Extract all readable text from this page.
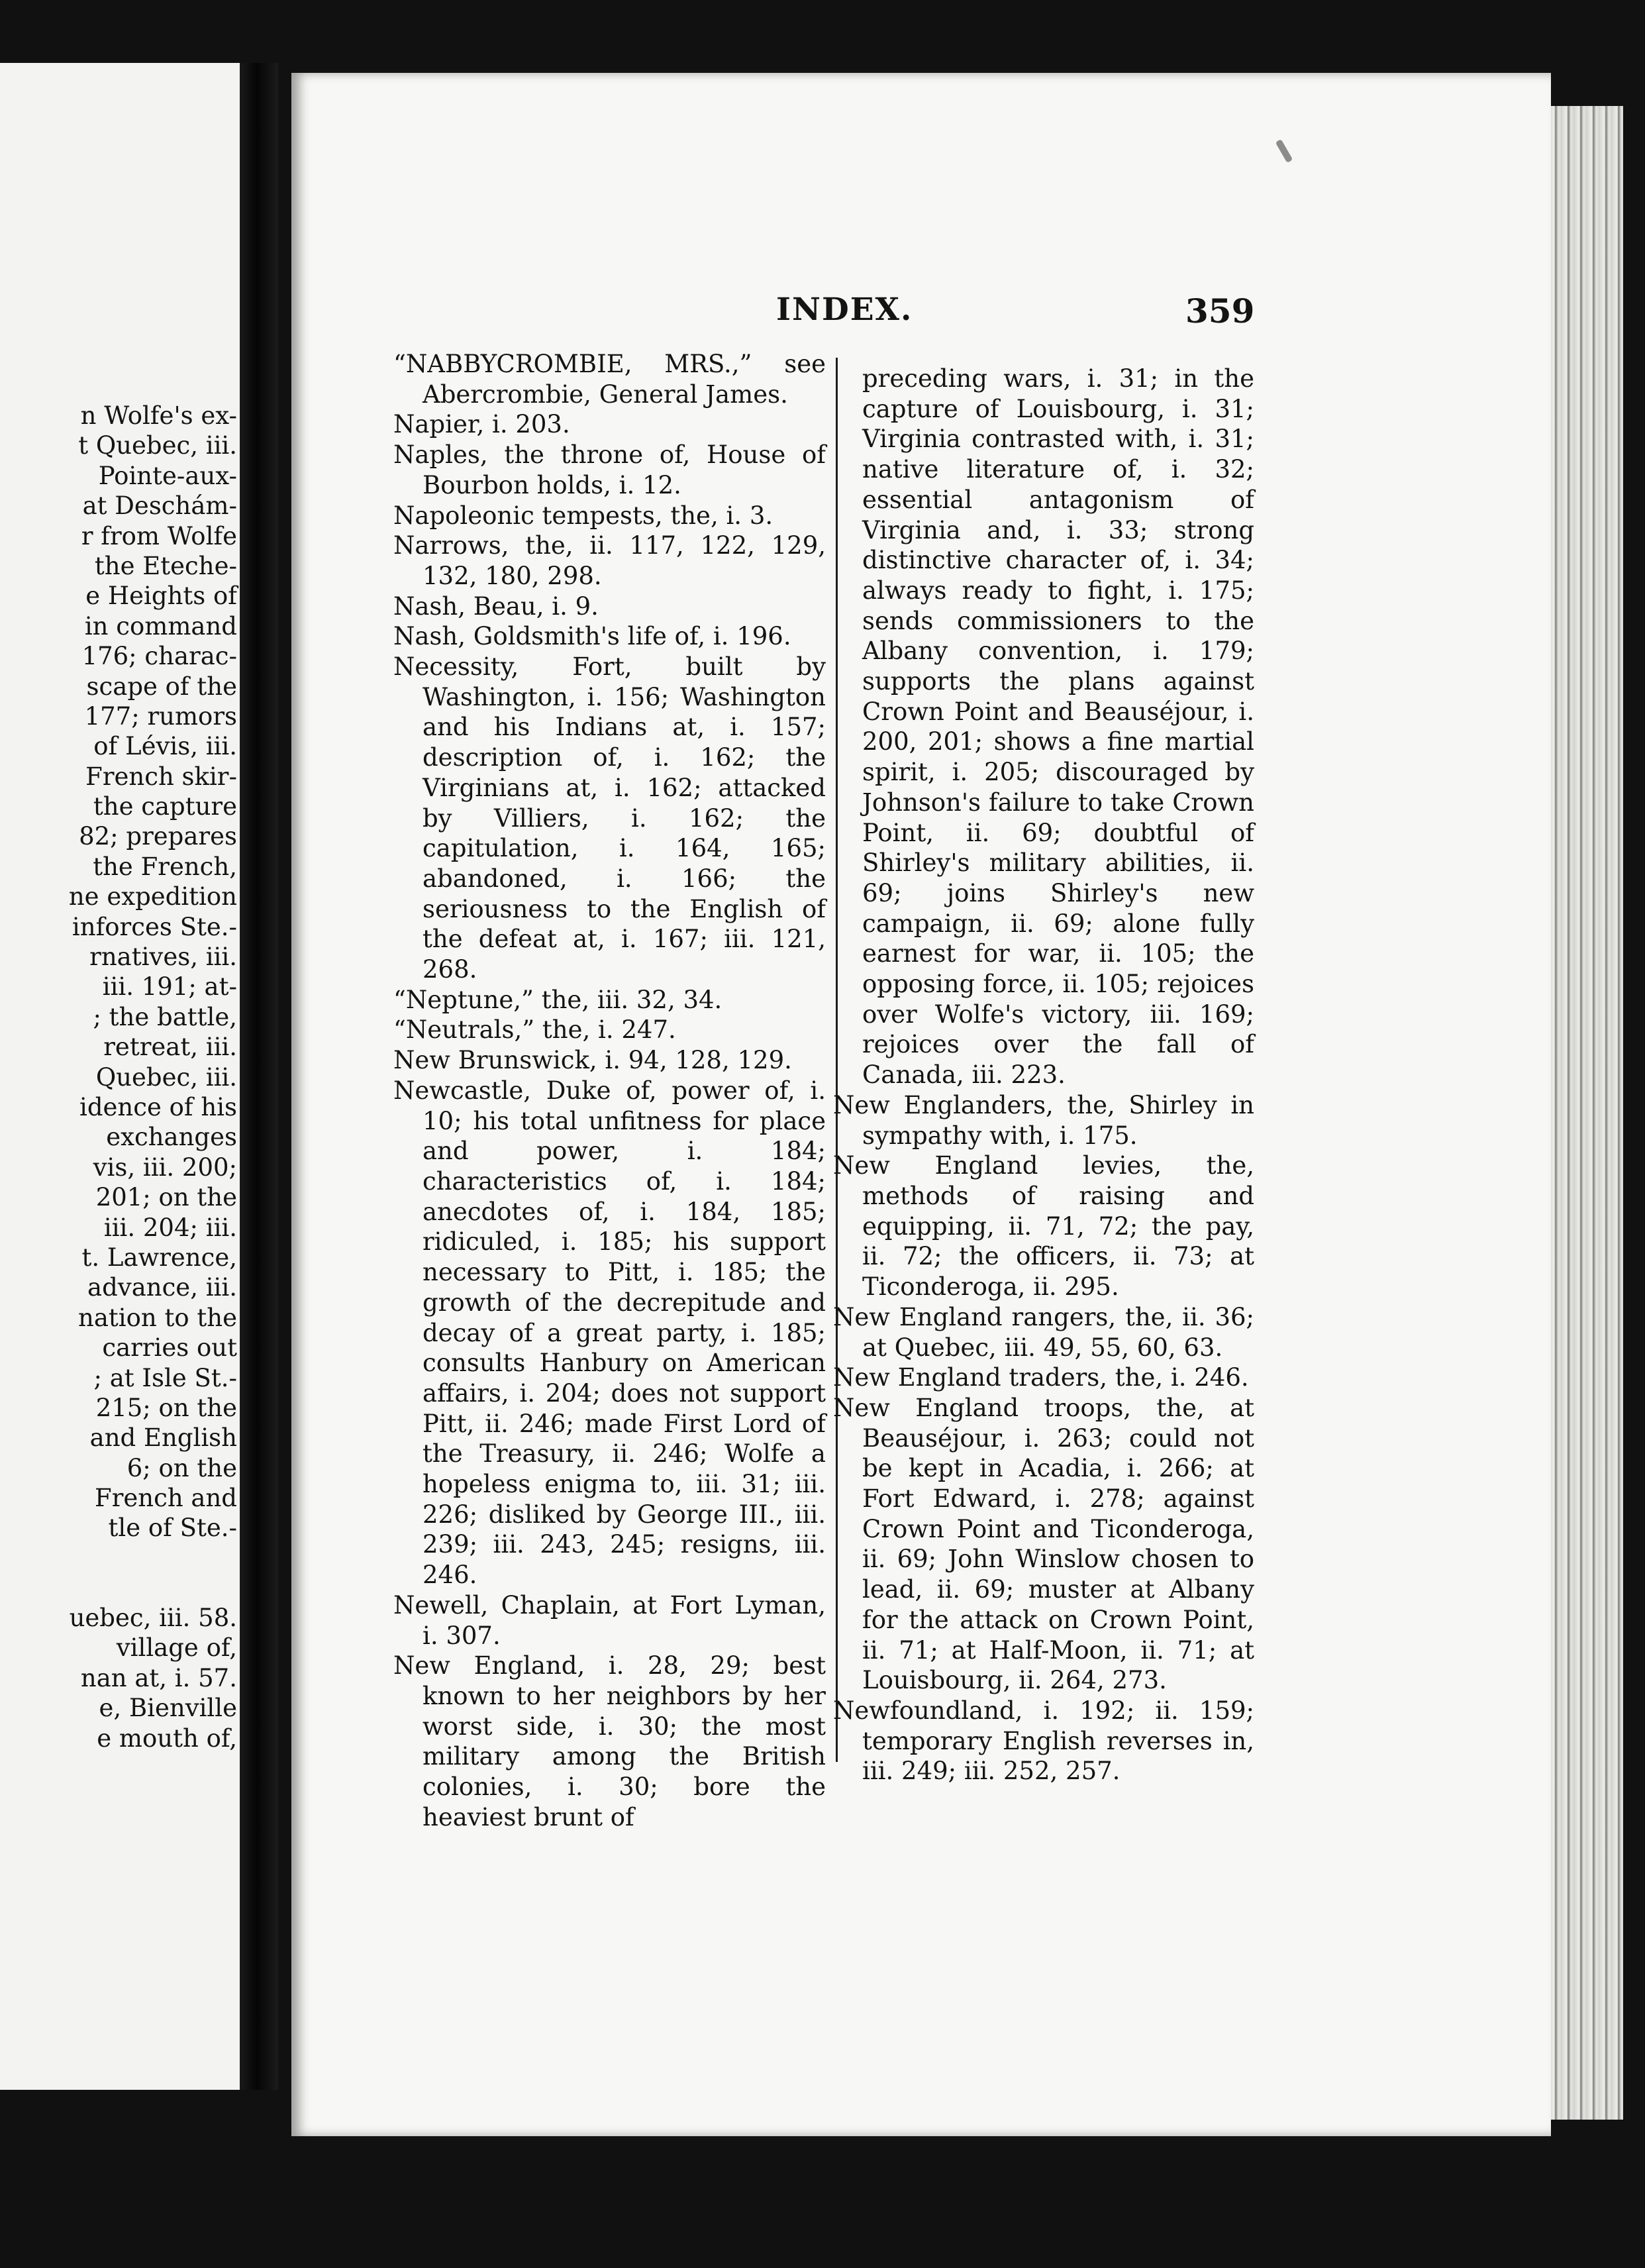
n Wolfe's ex-
t Quebec, iii.
Pointe-aux-
at Deschám-
r from Wolfe
the Eteche-
e Heights of
in command
176; charac-
scape of the
177; rumors
of Lévis, iii.
French skir-
the capture
82; prepares
the French,
ne expedition
inforces Ste.-
rnatives, iii.
iii. 191; at-
; the battle,
retreat, iii.
Quebec, iii.
idence of his
exchanges
vis, iii. 200;
201; on the
iii. 204; iii.
t. Lawrence,
advance, iii.
nation to the
carries out
; at Isle St.-
215; on the
and English
6; on the
French and
tle of Ste.-
uebec, iii. 58.
village of,
nan at, i. 57.
e, Bienville
e mouth of,
INDEX.	359

“NABBYCROMBIE, MRS.,” see Abercrombie, General James.

Napier, i. 203.

Naples, the throne of, House of Bourbon holds, i. 12.

Napoleonic tempests, the, i. 3.

Narrows, the, ii. 117, 122, 129, 132, 180, 298.

Nash, Beau, i. 9.

Nash, Goldsmith's life of, i. 196.

Necessity, Fort, built by Washington, i. 156; Washington and his Indians at, i. 157; description of, i. 162; the Virginians at, i. 162; attacked by Villiers, i. 162; the capitulation, i. 164, 165; abandoned, i. 166; the seriousness to the English of the defeat at, i. 167; iii. 121, 268.

“Neptune,” the, iii. 32, 34.

“Neutrals,” the, i. 247.

New Brunswick, i. 94, 128, 129.

Newcastle, Duke of, power of, i. 10; his total unfitness for place and power, i. 184; characteristics of, i. 184; anecdotes of, i. 184, 185; ridiculed, i. 185; his support necessary to Pitt, i. 185; the growth of the decrepitude and decay of a great party, i. 185; consults Hanbury on American affairs, i. 204; does not support Pitt, ii. 246; made First Lord of the Treasury, ii. 246; Wolfe a hopeless enigma to, iii. 31; iii. 226; disliked by George III., iii. 239; iii. 243, 245; resigns, iii. 246.

Newell, Chaplain, at Fort Lyman, i. 307.

New England, i. 28, 29; best known to her neighbors by her worst side, i. 30; the most military among the British colonies, i. 30; bore the heaviest brunt of

preceding wars, i. 31; in the capture of Louisbourg, i. 31; Virginia contrasted with, i. 31; native literature of, i. 32; essential antagonism of Virginia and, i. 33; strong distinctive character of, i. 34; always ready to fight, i. 175; sends commissioners to the Albany convention, i. 179; supports the plans against Crown Point and Beauséjour, i. 200, 201; shows a fine martial spirit, i. 205; discouraged by Johnson's failure to take Crown Point, ii. 69; doubtful of Shirley's military abilities, ii. 69; joins Shirley's new campaign, ii. 69; alone fully earnest for war, ii. 105; the opposing force, ii. 105; rejoices over Wolfe's victory, iii. 169; rejoices over the fall of Canada, iii. 223.

New Englanders, the, Shirley in sympathy with, i. 175.

New England levies, the, methods of raising and equipping, ii. 71, 72; the pay, ii. 72; the officers, ii. 73; at Ticonderoga, ii. 295.

New England rangers, the, ii. 36; at Quebec, iii. 49, 55, 60, 63.

New England traders, the, i. 246.

New England troops, the, at Beauséjour, i. 263; could not be kept in Acadia, i. 266; at Fort Edward, i. 278; against Crown Point and Ticonderoga, ii. 69; John Winslow chosen to lead, ii. 69; muster at Albany for the attack on Crown Point, ii. 71; at Half-Moon, ii. 71; at Louisbourg, ii. 264, 273.

Newfoundland, i. 192; ii. 159; temporary English reverses in, iii. 249; iii. 252, 257.
